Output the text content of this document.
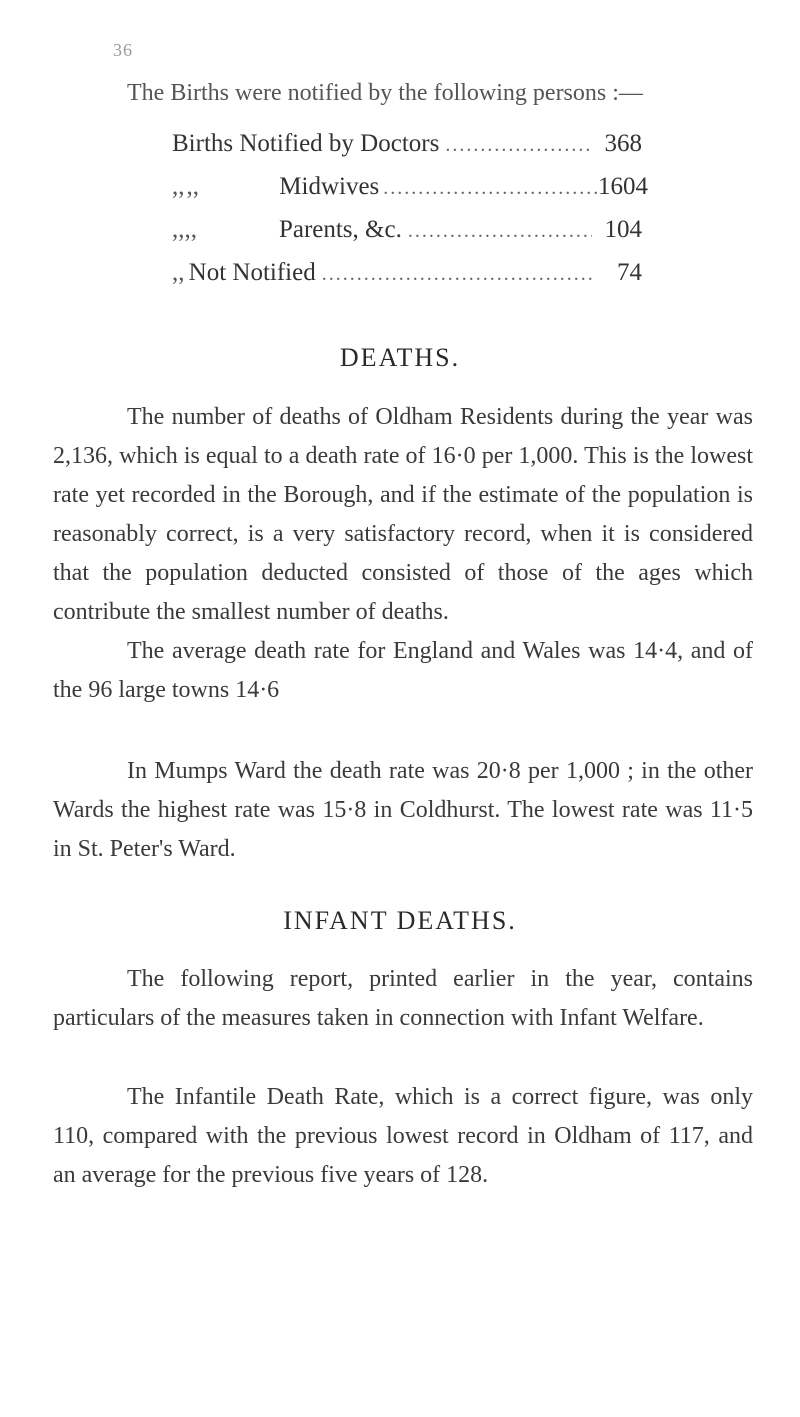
36
The Births were notified by the following persons :—
Births Notified by Doctors .....	368
,, ,,	Midwives .....	1604
,, ,,	Parents, &c. .....	104
,, Not Notified .....	74
DEATHS.

The number of deaths of Oldham Residents during the year was 2,136, which is equal to a death rate of 16·0 per 1,000. This is the lowest rate yet recorded in the Borough, and if the estimate of the population is reasonably correct, is a very satisfactory record, when it is considered that the population deducted consisted of those of the ages which contribute the smallest number of deaths.

The average death rate for England and Wales was 14·4, and of the 96 large towns 14·6

In Mumps Ward the death rate was 20·8 per 1,000 ; in the other Wards the highest rate was 15·8 in Coldhurst. The lowest rate was 11·5 in St. Peter's Ward.

INFANT DEATHS.

The following report, printed earlier in the year, contains particulars of the measures taken in connection with Infant Welfare.

The Infantile Death Rate, which is a correct figure, was only 110, compared with the previous lowest record in Oldham of 117, and an average for the previous five years of 128.
